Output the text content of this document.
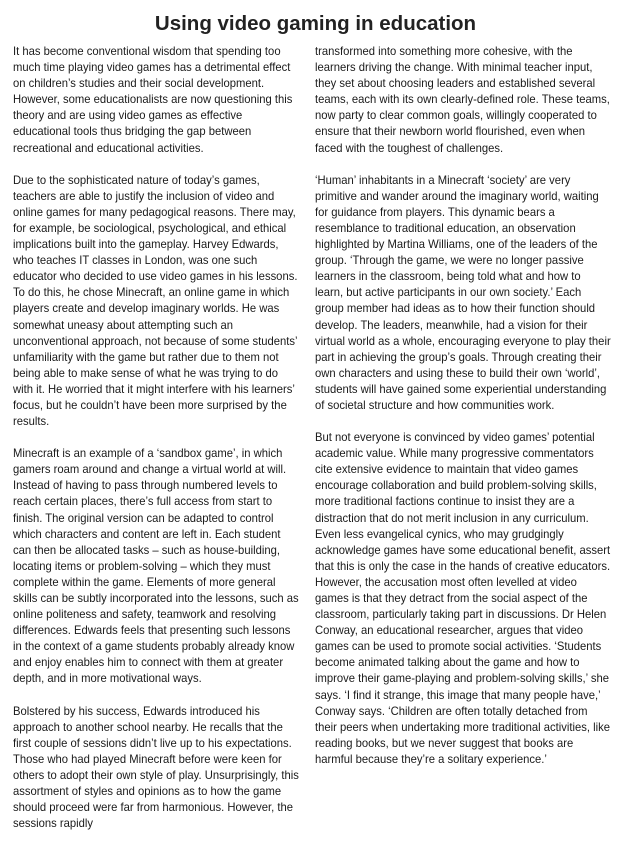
Using video gaming in education

It has become conventional wisdom that spending too much time playing video games has a detrimental effect on children’s studies and their social development. However, some educationalists are now questioning this theory and are using video games as effective educational tools thus bridging the gap between recreational and educational activities.

Due to the sophisticated nature of today’s games, teachers are able to justify the inclusion of video and online games for many pedagogical reasons. There may, for example, be sociological, psychological, and ethical implications built into the gameplay. Harvey Edwards, who teaches IT classes in London, was one such educator who decided to use video games in his lessons. To do this, he chose Minecraft, an online game in which players create and develop imaginary worlds. He was somewhat uneasy about attempting such an unconventional approach, not because of some students’ unfamiliarity with the game but rather due to them not being able to make sense of what he was trying to do with it. He worried that it might interfere with his learners’ focus, but he couldn’t have been more surprised by the results.

Minecraft is an example of a ‘sandbox game’, in which gamers roam around and change a virtual world at will. Instead of having to pass through numbered levels to reach certain places, there’s full access from start to finish. The original version can be adapted to control which characters and content are left in. Each student can then be allocated tasks – such as house-building, locating items or problem-solving – which they must complete within the game. Elements of more general skills can be subtly incorporated into the lessons, such as online politeness and safety, teamwork and resolving differences. Edwards feels that presenting such lessons in the context of a game students probably already know and enjoy enables him to connect with them at greater depth, and in more motivational ways.

Bolstered by his success, Edwards introduced his approach to another school nearby. He recalls that the first couple of sessions didn’t live up to his expectations. Those who had played Minecraft before were keen for others to adopt their own style of play. Unsurprisingly, this assortment of styles and opinions as to how the game should proceed were far from harmonious. However, the sessions rapidly

transformed into something more cohesive, with the learners driving the change. With minimal teacher input, they set about choosing leaders and established several teams, each with its own clearly-defined role. These teams, now party to clear common goals, willingly cooperated to ensure that their newborn world flourished, even when faced with the toughest of challenges.

‘Human’ inhabitants in a Minecraft ‘society’ are very primitive and wander around the imaginary world, waiting for guidance from players. This dynamic bears a resemblance to traditional education, an observation highlighted by Martina Williams, one of the leaders of the group. ‘Through the game, we were no longer passive learners in the classroom, being told what and how to learn, but active participants in our own society.’ Each group member had ideas as to how their function should develop. The leaders, meanwhile, had a vision for their virtual world as a whole, encouraging everyone to play their part in achieving the group’s goals. Through creating their own characters and using these to build their own ‘world’, students will have gained some experiential understanding of societal structure and how communities work.

But not everyone is convinced by video games’ potential academic value. While many progressive commentators cite extensive evidence to maintain that video games encourage collaboration and build problem-solving skills, more traditional factions continue to insist they are a distraction that do not merit inclusion in any curriculum. Even less evangelical cynics, who may grudgingly acknowledge games have some educational benefit, assert that this is only the case in the hands of creative educators. However, the accusation most often levelled at video games is that they detract from the social aspect of the classroom, particularly taking part in discussions. Dr Helen Conway, an educational researcher, argues that video games can be used to promote social activities. ‘Students become animated talking about the game and how to improve their game-playing and problem-solving skills,’ she says. ‘I find it strange, this image that many people have,’ Conway says. ‘Children are often totally detached from their peers when undertaking more traditional activities, like reading books, but we never suggest that books are harmful because they’re a solitary experience.’
